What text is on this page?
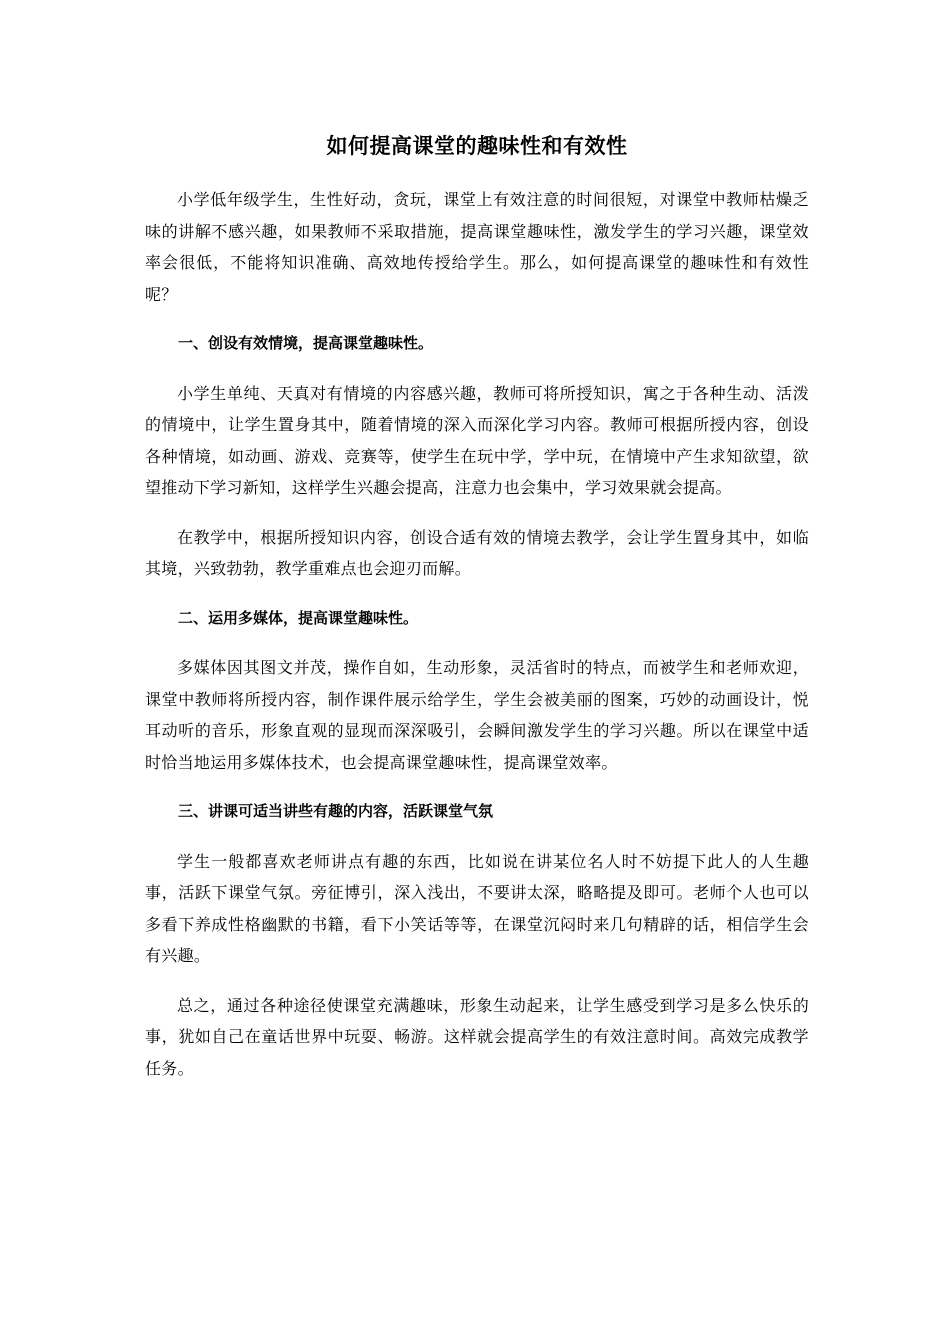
如何提高课堂的趣味性和有效性

小学低年级学生，生性好动，贪玩，课堂上有效注意的时间很短，对课堂中教师枯燥乏味的讲解不感兴趣，如果教师不采取措施，提高课堂趣味性，激发学生的学习兴趣，课堂效率会很低，不能将知识准确、高效地传授给学生。那么，如何提高课堂的趣味性和有效性呢？

一、创设有效情境，提高课堂趣味性。

小学生单纯、天真对有情境的内容感兴趣，教师可将所授知识，寓之于各种生动、活泼的情境中，让学生置身其中，随着情境的深入而深化学习内容。教师可根据所授内容，创设各种情境，如动画、游戏、竞赛等，使学生在玩中学，学中玩，在情境中产生求知欲望，欲望推动下学习新知，这样学生兴趣会提高，注意力也会集中，学习效果就会提高。

在教学中，根据所授知识内容，创设合适有效的情境去教学，会让学生置身其中，如临其境，兴致勃勃，教学重难点也会迎刃而解。

二、运用多媒体，提高课堂趣味性。

多媒体因其图文并茂，操作自如，生动形象，灵活省时的特点，而被学生和老师欢迎，课堂中教师将所授内容，制作课件展示给学生，学生会被美丽的图案，巧妙的动画设计，悦耳动听的音乐，形象直观的显现而深深吸引，会瞬间激发学生的学习兴趣。所以在课堂中适时恰当地运用多媒体技术，也会提高课堂趣味性，提高课堂效率。

三、讲课可适当讲些有趣的内容，活跃课堂气氛

学生一般都喜欢老师讲点有趣的东西，比如说在讲某位名人时不妨提下此人的人生趣事，活跃下课堂气氛。旁征博引，深入浅出，不要讲太深，略略提及即可。老师个人也可以多看下养成性格幽默的书籍，看下小笑话等等，在课堂沉闷时来几句精辟的话，相信学生会有兴趣。

总之，通过各种途径使课堂充满趣味，形象生动起来，让学生感受到学习是多么快乐的事，犹如自己在童话世界中玩耍、畅游。这样就会提高学生的有效注意时间。高效完成教学任务。
